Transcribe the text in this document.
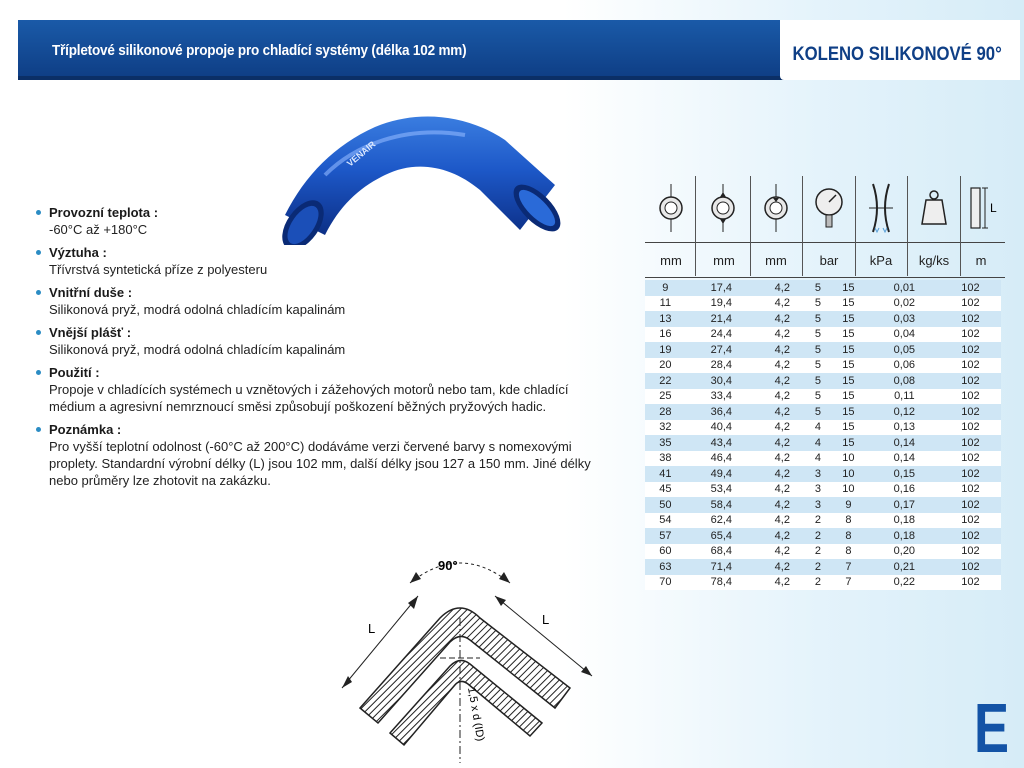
Třípletové silikonové propoje pro chladící systémy (délka 102 mm)	KOLENO SILIKONOVÉ 90°
VENAIR
Provozní teplota :
-60°C až +180°C
Výztuha :
Třívrstvá syntetická příze z polyesteru
Vnitřní duše :
Silikonová pryž, modrá odolná chladícím kapalinám
Vnější plášť :
Silikonová pryž, modrá odolná chladícím kapalinám
Použití :
Propoje v chladících systémech u vznětových i zážehových motorů nebo tam, kde chladící médium a agresivní nemrznoucí směsi způsobují poškození běžných pryžových hadic.
Poznámka :
Pro vyšší teplotní odolnost (-60°C až 200°C) dodáváme verzi červené barvy s nomexovými proplety. Standardní výrobní délky (L) jsou 102 mm, další délky jsou 127 a 150 mm. Jiné délky nebo průměry lze zhotovit na zakázku.
L
L
90°
1,5 x d (ID)
L
mm	mm	mm	bar	kPa	kg/ks	m
9	17,4	4,2	5	15	0,01	102
11	19,4	4,2	5	15	0,02	102
13	21,4	4,2	5	15	0,03	102
16	24,4	4,2	5	15	0,04	102
19	27,4	4,2	5	15	0,05	102
20	28,4	4,2	5	15	0,06	102
22	30,4	4,2	5	15	0,08	102
25	33,4	4,2	5	15	0,11	102
28	36,4	4,2	5	15	0,12	102
32	40,4	4,2	4	15	0,13	102
35	43,4	4,2	4	15	0,14	102
38	46,4	4,2	4	10	0,14	102
41	49,4	4,2	3	10	0,15	102
45	53,4	4,2	3	10	0,16	102
50	58,4	4,2	3	9	0,17	102
54	62,4	4,2	2	8	0,18	102
57	65,4	4,2	2	8	0,18	102
60	68,4	4,2	2	8	0,20	102
63	71,4	4,2	2	7	0,21	102
70	78,4	4,2	2	7	0,22	102
E
